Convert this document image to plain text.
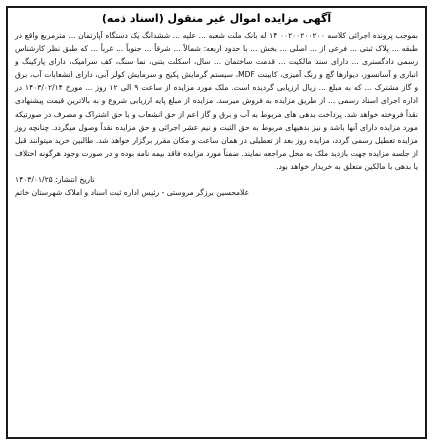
آگهی مزایده اموال غیر منقول (اسناد ذمه)

بموجب پرونده اجرائی کلاسه ۰۰۲۰۰۲۰۰۲۰۰ ۱۴ له بانک ملت شعبه ... علیه ... ششدانگ یک دستگاه آپارتمان ... مترمربع واقع در طبقه ... پلاک ثبتی ... فرعی از ... اصلی ... بخش ... با حدود اربعه: شمالاً ... شرقاً ... جنوباً ... غرباً ... که طبق نظر کارشناس رسمی دادگستری ... دارای سند مالکیت ... قدمت ساختمان ... سال، اسکلت بتنی، نما سنگ، کف سرامیک، دارای پارکینگ و انباری و آسانسور، دیوارها گچ و رنگ آمیزی، کابینت MDF، سیستم گرمایش پکیج و سرمایش کولر آبی، دارای انشعابات آب، برق و گاز مشترک ... که به مبلغ ... ریال ارزیابی گردیده است. ملک مورد مزایده از ساعت ۹ الی ۱۲ روز ... مورخ ۱۴۰۳/۰۲/۱۴ در اداره اجرای اسناد رسمی ... از طریق مزایده به فروش میرسد. مزایده از مبلغ پایه ارزیابی شروع و به بالاترین قیمت پیشنهادی نقداً فروخته خواهد شد. پرداخت بدهی های مربوط به آب و برق و گاز اعم از حق انشعاب و یا حق اشتراک و مصرف در صورتیکه مورد مزایده دارای آنها باشد و نیز بدهیهای مربوط به حق الثبت و نیم عشر اجرائی و حق مزایده نقداً وصول میگردد. چنانچه روز مزایده تعطیل رسمی گردد، مزایده روز بعد از تعطیلی در همان ساعت و مکان مقرر برگزار خواهد شد. طالبین خرید میتوانند قبل از جلسه مزایده جهت بازدید ملک به محل مراجعه نمایند. ضمناً مورد مزایده فاقد بیمه نامه بوده و در صورت وجود هرگونه اختلاف یا بدهی با مالکین متعلق به خریدار خواهد بود.

تاریخ انتشار: ۱۴۰۳/۰۱/۲۵

غلامحسین برزگر مروستی - رئیس اداره ثبت اسناد و املاک شهرستان خاتم
